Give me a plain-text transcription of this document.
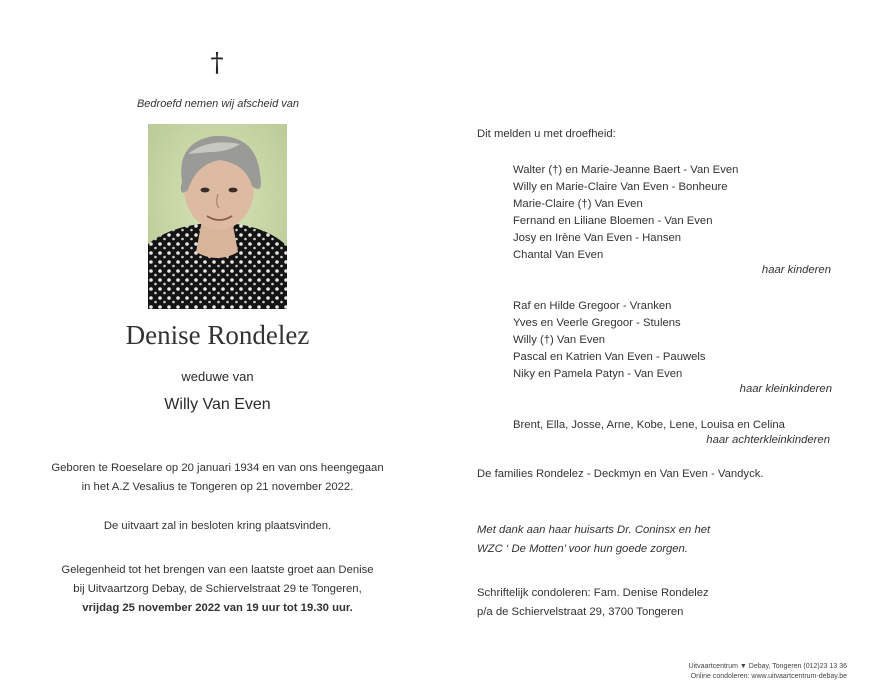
†
Bedroefd nemen wij afscheid van
Denise Rondelez
weduwe van
Willy Van Even
Geboren te Roeselare op 20 januari 1934 en van ons heengegaan
in het A.Z Vesalius te Tongeren op 21 november 2022.
De uitvaart zal in besloten kring plaatsvinden.
Gelegenheid tot het brengen van een laatste groet aan Denise
bij Uitvaartzorg Debay, de Schiervelstraat 29 te Tongeren,
vrijdag 25 november 2022 van 19 uur tot 19.30 uur.
Dit melden u met droefheid:
Walter (†) en Marie-Jeanne Baert - Van Even
Willy en Marie-Claire Van Even - Bonheure
Marie-Claire (†) Van Even
Fernand en Liliane Bloemen - Van Even
Josy en Irène Van Even - Hansen
Chantal Van Even
haar kinderen
Raf en Hilde Gregoor - Vranken
Yves en Veerle Gregoor - Stulens
Willy (†) Van Even
Pascal en Katrien Van Even - Pauwels
Niky en Pamela Patyn - Van Even
haar kleinkinderen
Brent, Ella, Josse, Arne, Kobe, Lene, Louisa en Celina
haar achterkleinkinderen
De families Rondelez - Deckmyn en Van Even - Vandyck.
Met dank aan haar huisarts Dr. Coninsx en het
WZC ‘ De Motten’ voor hun goede zorgen.
Schriftelijk condoleren: Fam. Denise Rondelez
p/a de Schiervelstraat 29, 3700 Tongeren
Uitvaartcentrum ▼ Debay, Tongeren (012)23 13 36
Online condoleren: www.uitvaartcentrum-debay.be
